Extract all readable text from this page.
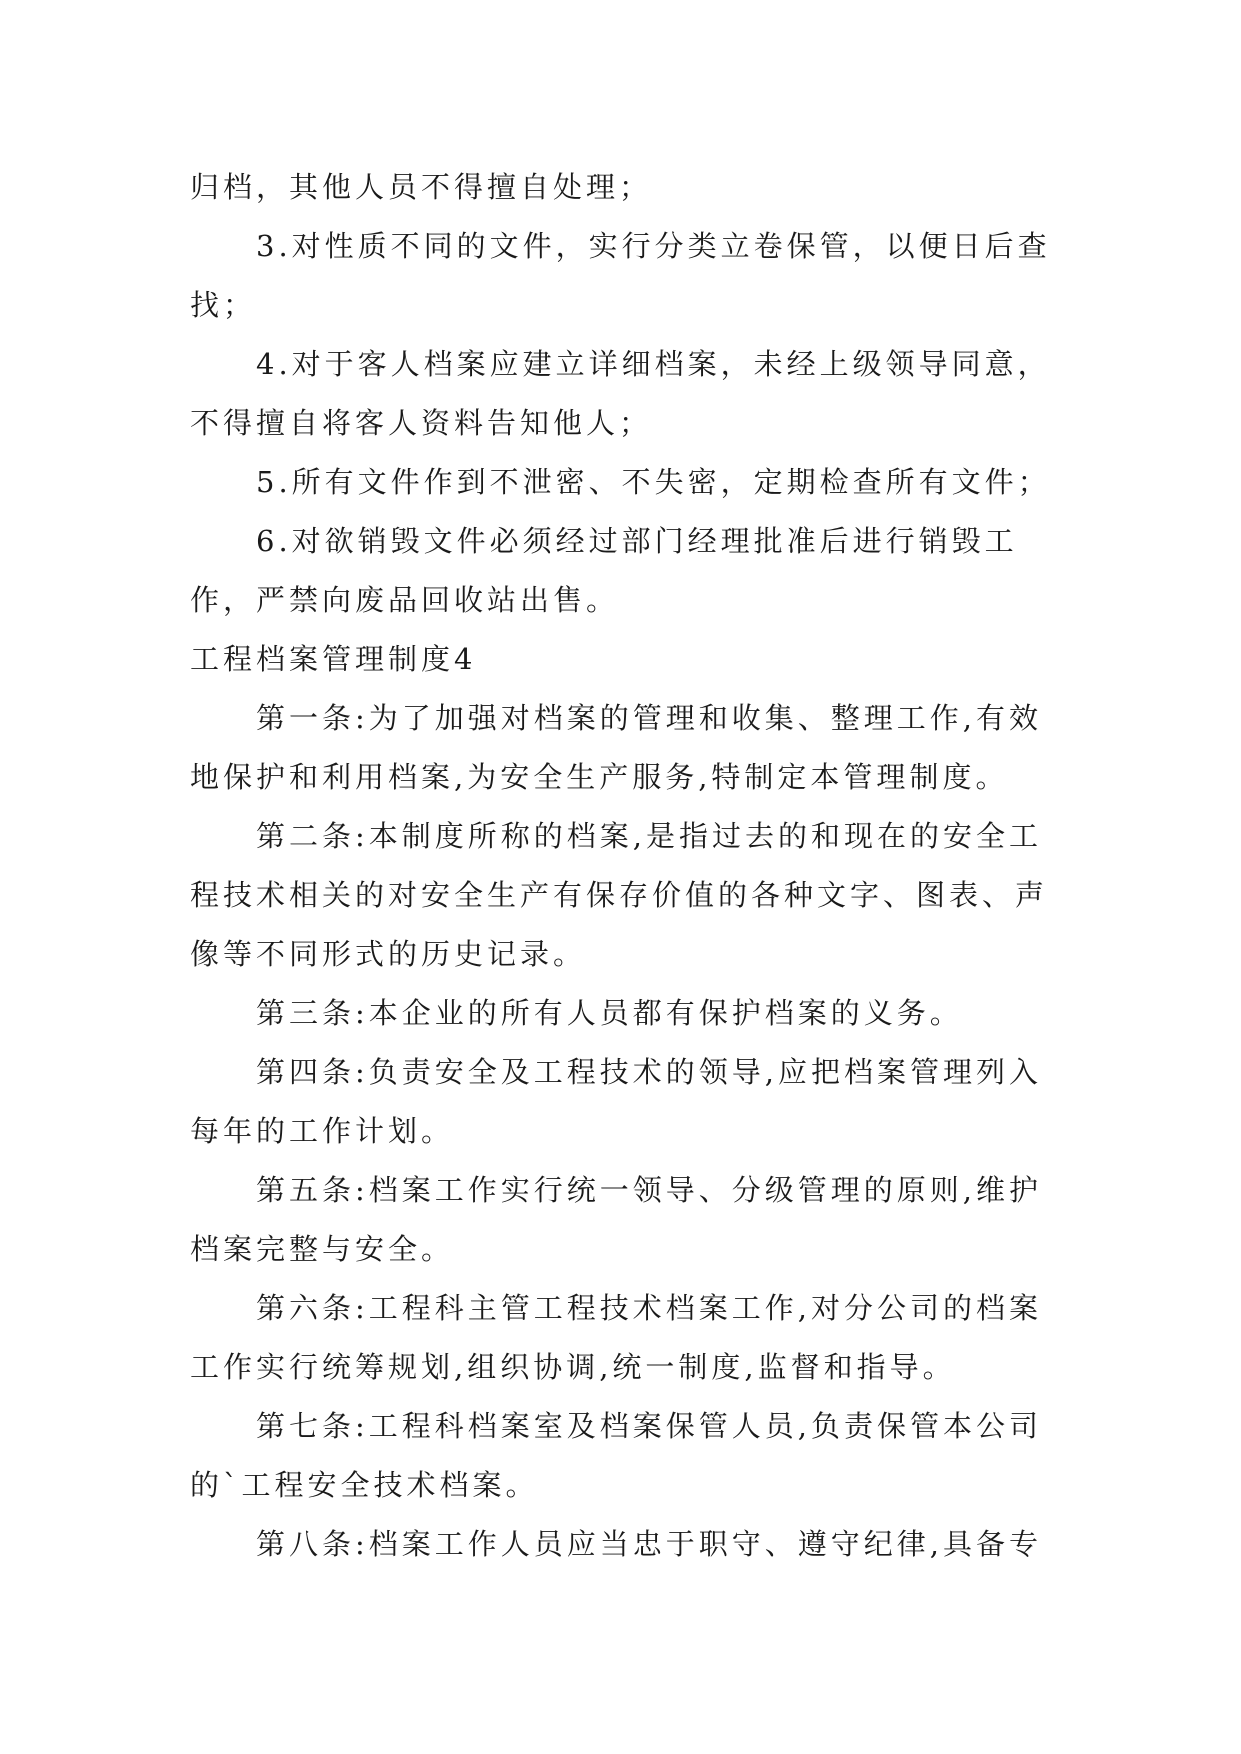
归档，其他人员不得擅自处理；
3.对性质不同的文件，实行分类立卷保管，以便日后查
找；
4.对于客人档案应建立详细档案，未经上级领导同意，
不得擅自将客人资料告知他人；
5.所有文件作到不泄密、不失密，定期检查所有文件；
6.对欲销毁文件必须经过部门经理批准后进行销毁工
作，严禁向废品回收站出售。
工程档案管理制度4
第一条:为了加强对档案的管理和收集、整理工作,有效
地保护和利用档案,为安全生产服务,特制定本管理制度。
第二条:本制度所称的档案,是指过去的和现在的安全工
程技术相关的对安全生产有保存价值的各种文字、图表、声
像等不同形式的历史记录。
第三条:本企业的所有人员都有保护档案的义务。
第四条:负责安全及工程技术的领导,应把档案管理列入
每年的工作计划。
第五条:档案工作实行统一领导、分级管理的原则,维护
档案完整与安全。
第六条:工程科主管工程技术档案工作,对分公司的档案
工作实行统筹规划,组织协调,统一制度,监督和指导。
第七条:工程科档案室及档案保管人员,负责保管本公司
的`工程安全技术档案。
第八条:档案工作人员应当忠于职守、遵守纪律,具备专
